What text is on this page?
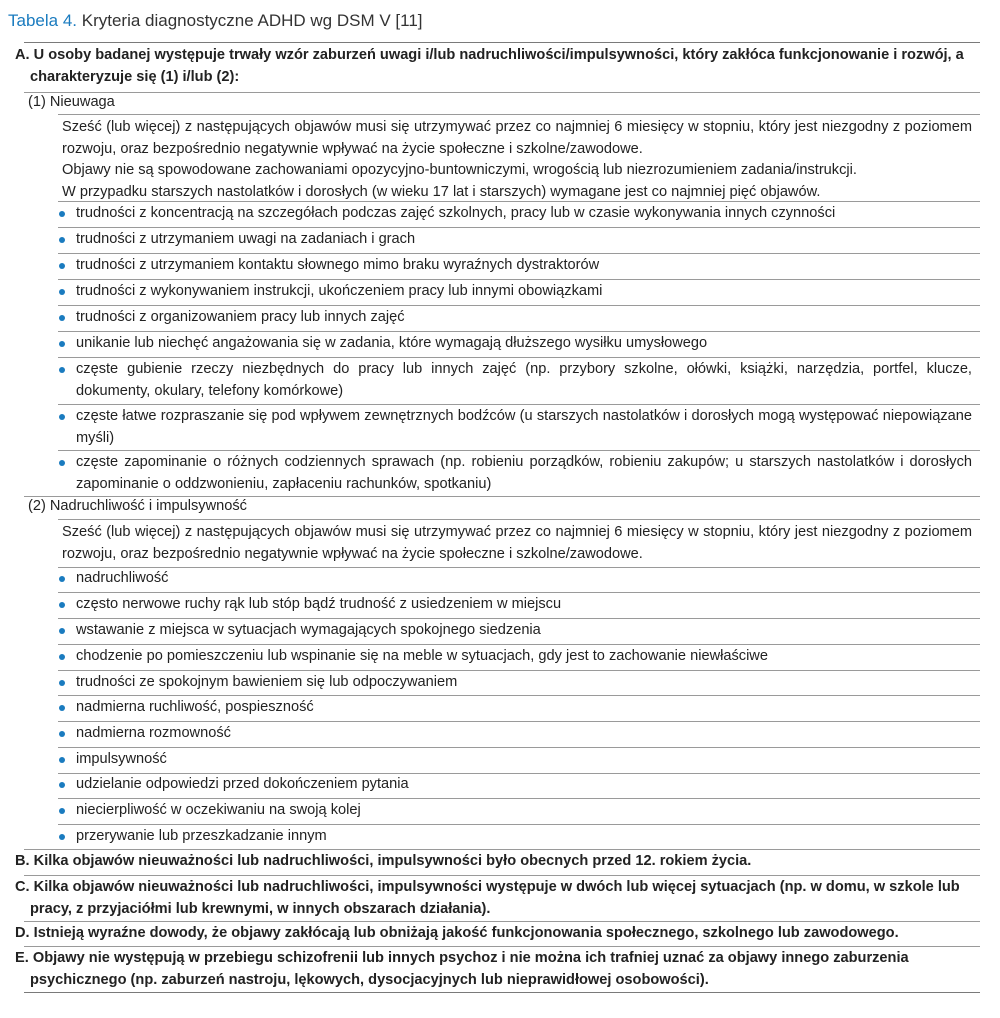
Tabela 4. Kryteria diagnostyczne ADHD wg DSM V [11]
A. U osoby badanej występuje trwały wzór zaburzeń uwagi i/lub nadruchliwości/impulsywności, który zakłóca funkcjonowanie i rozwój, a charakteryzuje się (1) i/lub (2):
(1) Nieuwaga
Sześć (lub więcej) z następujących objawów musi się utrzymywać przez co najmniej 6 miesięcy w stopniu, który jest niezgodny z poziomem rozwoju, oraz bezpośrednio negatywnie wpływać na życie społeczne i szkolne/zawodowe.
Objawy nie są spowodowane zachowaniami opozycyjno-buntowniczymi, wrogością lub niezrozumieniem zadania/instrukcji.
W przypadku starszych nastolatków i dorosłych (w wieku 17 lat i starszych) wymagane jest co najmniej pięć objawów.
trudności z koncentracją na szczegółach podczas zajęć szkolnych, pracy lub w czasie wykonywania innych czynności
trudności z utrzymaniem uwagi na zadaniach i grach
trudności z utrzymaniem kontaktu słownego mimo braku wyraźnych dystraktorów
trudności z wykonywaniem instrukcji, ukończeniem pracy lub innymi obowiązkami
trudności z organizowaniem pracy lub innych zajęć
unikanie lub niechęć angażowania się w zadania, które wymagają dłuższego wysiłku umysłowego
częste gubienie rzeczy niezbędnych do pracy lub innych zajęć (np. przybory szkolne, ołówki, książki, narzędzia, portfel, klucze, dokumenty, okulary, telefony komórkowe)
częste łatwe rozpraszanie się pod wpływem zewnętrznych bodźców (u starszych nastolatków i dorosłych mogą występować niepowiązane myśli)
częste zapominanie o różnych codziennych sprawach (np. robieniu porządków, robieniu zakupów; u starszych nastolatków i dorosłych zapominanie o oddzwonieniu, zapłaceniu rachunków, spotkaniu)
(2) Nadruchliwość i impulsywność
Sześć (lub więcej) z następujących objawów musi się utrzymywać przez co najmniej 6 miesięcy w stopniu, który jest niezgodny z poziomem rozwoju, oraz bezpośrednio negatywnie wpływać na życie społeczne i szkolne/zawodowe.
nadruchliwość
często nerwowe ruchy rąk lub stóp bądź trudność z usiedzeniem w miejscu
wstawanie z miejsca w sytuacjach wymagających spokojnego siedzenia
chodzenie po pomieszczeniu lub wspinanie się na meble w sytuacjach, gdy jest to zachowanie niewłaściwe
trudności ze spokojnym bawieniem się lub odpoczywaniem
nadmierna ruchliwość, pospieszność
nadmierna rozmowność
impulsywność
udzielanie odpowiedzi przed dokończeniem pytania
niecierpliwość w oczekiwaniu na swoją kolej
przerywanie lub przeszkadzanie innym
B. Kilka objawów nieuważności lub nadruchliwości, impulsywności było obecnych przed 12. rokiem życia.
C. Kilka objawów nieuważności lub nadruchliwości, impulsywności występuje w dwóch lub więcej sytuacjach (np. w domu, w szkole lub pracy, z przyjaciółmi lub krewnymi, w innych obszarach działania).
D. Istnieją wyraźne dowody, że objawy zakłócają lub obniżają jakość funkcjonowania społecznego, szkolnego lub zawodowego.
E. Objawy nie występują w przebiegu schizofrenii lub innych psychoz i nie można ich trafniej uznać za objawy innego zaburzenia psychicznego (np. zaburzeń nastroju, lękowych, dysocjacyjnych lub nieprawidłowej osobowości).
